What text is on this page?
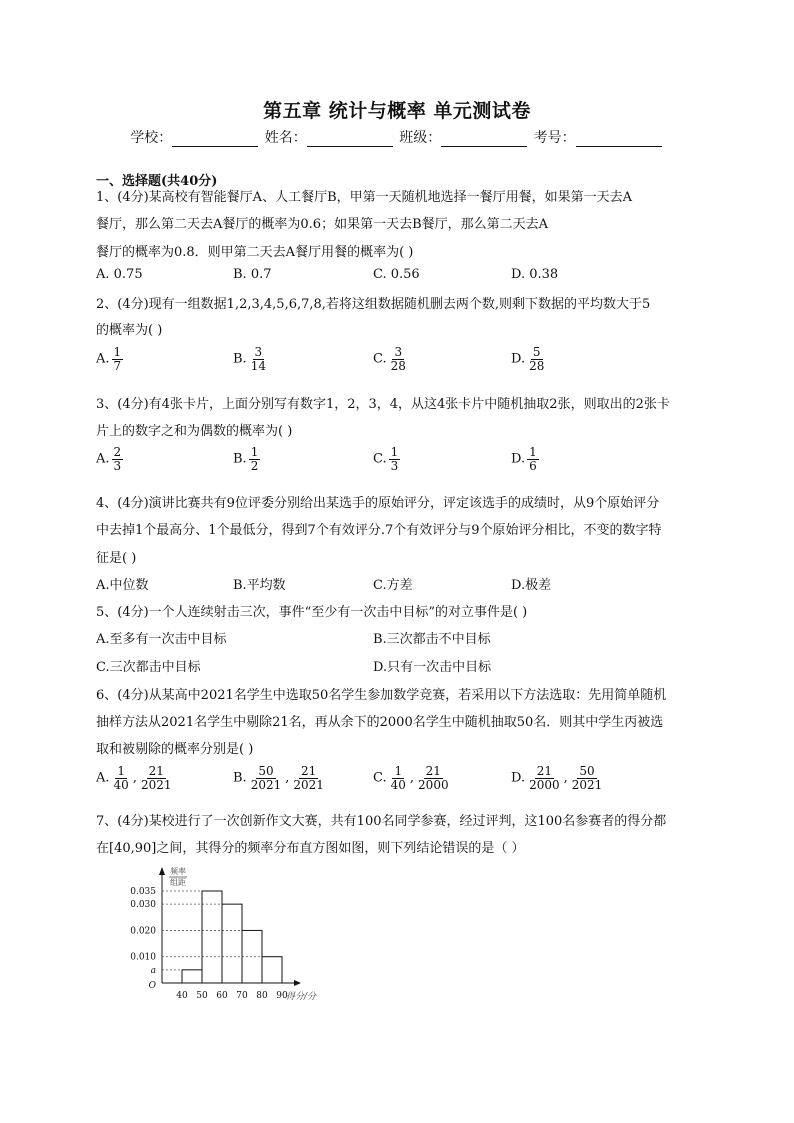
第五章 统计与概率 单元测试卷
学校：	姓名：	班级：	考号：
一、选择题(共40分)
1、(4分)某高校有智能餐厅A、人工餐厅B，甲第一天随机地选择一餐厅用餐，如果第一天去A
餐厅，那么第二天去A餐厅的概率为0.6；如果第一天去B餐厅，那么第二天去A
餐厅的概率为0.8．则甲第二天去A餐厅用餐的概率为( )
A. 0.75	B. 0.7	C. 0.56	D. 0.38
2、(4分)现有一组数据1,2,3,4,5,6,7,8,若将这组数据随机删去两个数,则剩下数据的平均数大于5
的概率为( )
A. $\frac{1}{7}$	B. $\frac{3}{14}$	C. $\frac{3}{28}$	D. $\frac{5}{28}$
3、(4分)有4张卡片，上面分别写有数字1，2，3，4，从这4张卡片中随机抽取2张，则取出的2张卡
片上的数字之和为偶数的概率为( )
A. $\frac{2}{3}$	B. $\frac{1}{2}$	C. $\frac{1}{3}$	D. $\frac{1}{6}$
4、(4分)演讲比赛共有9位评委分别给出某选手的原始评分，评定该选手的成绩时，从9个原始评分
中去掉1个最高分、1个最低分，得到7个有效评分.7个有效评分与9个原始评分相比，不变的数字特
征是( )
A.中位数	B.平均数	C.方差	D.极差
5、(4分)一个人连续射击三次，事件“至少有一次击中目标”的对立事件是( )
A.至多有一次击中目标	B.三次都击不中目标
C.三次都击中目标	D.只有一次击中目标
6、(4分)从某高中2021名学生中选取50名学生参加数学竞赛，若采用以下方法选取：先用简单随机
抽样方法从2021名学生中剔除21名，再从余下的2000名学生中随机抽取50名．则其中学生丙被选
取和被剔除的概率分别是( )
A. $\frac{1}{40}$ , $\frac{21}{2021}$	B. $\frac{50}{2021}$ , $\frac{21}{2021}$	C. $\frac{1}{40}$ , $\frac{21}{2000}$	D. $\frac{21}{2000}$ , $\frac{50}{2021}$
7、(4分)某校进行了一次创新作文大赛，共有100名同学参赛，经过评判，这100名参赛者的得分都
在[40,90]之间，其得分的频率分布直方图如图，则下列结论错误的是（ ）
频率
组距
得分/分
O
0.035
0.030
0.020
0.010
a
40 50 60 70 80 90
